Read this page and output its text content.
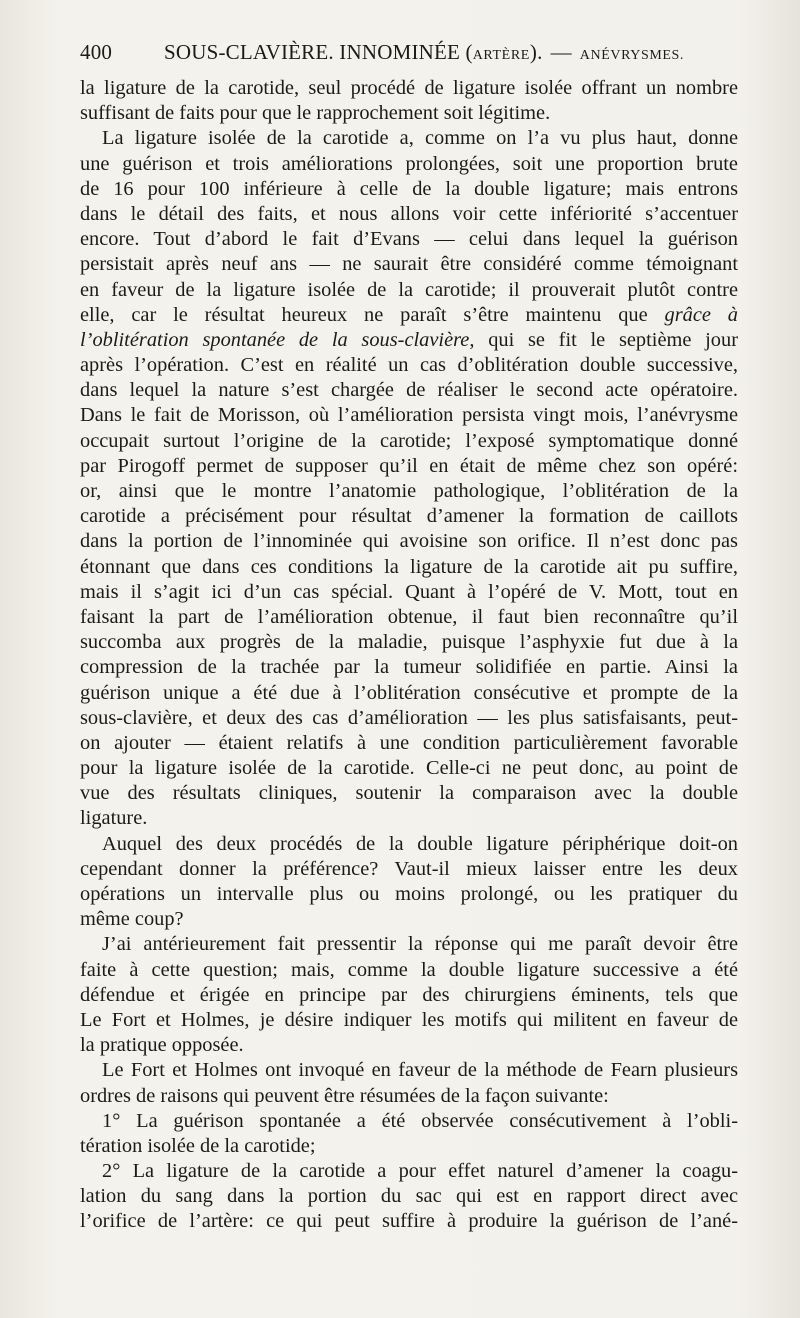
400 SOUS-CLAVIÈRE. INNOMINÉE (ARTÈRE). — ANÉVRYSMES.
la ligature de la carotide, seul procédé de ligature isolée offrant un nombre
suffisant de faits pour que le rapprochement soit légitime.
La ligature isolée de la carotide a, comme on l’a vu plus haut, donne
une guérison et trois améliorations prolongées, soit une proportion brute
de 16 pour 100 inférieure à celle de la double ligature; mais entrons
dans le détail des faits, et nous allons voir cette infériorité s’accentuer
encore. Tout d’abord le fait d’Evans — celui dans lequel la guérison
persistait après neuf ans — ne saurait être considéré comme témoignant
en faveur de la ligature isolée de la carotide; il prouverait plutôt contre
elle, car le résultat heureux ne paraît s’être maintenu que grâce à
l’oblitération spontanée de la sous-clavière, qui se fit le septième jour
après l’opération. C’est en réalité un cas d’oblitération double successive,
dans lequel la nature s’est chargée de réaliser le second acte opératoire.
Dans le fait de Morisson, où l’amélioration persista vingt mois, l’anévrysme
occupait surtout l’origine de la carotide; l’exposé symptomatique donné
par Pirogoff permet de supposer qu’il en était de même chez son opéré:
or, ainsi que le montre l’anatomie pathologique, l’oblitération de la
carotide a précisément pour résultat d’amener la formation de caillots
dans la portion de l’innominée qui avoisine son orifice. Il n’est donc pas
étonnant que dans ces conditions la ligature de la carotide ait pu suffire,
mais il s’agit ici d’un cas spécial. Quant à l’opéré de V. Mott, tout en
faisant la part de l’amélioration obtenue, il faut bien reconnaître qu’il
succomba aux progrès de la maladie, puisque l’asphyxie fut due à la
compression de la trachée par la tumeur solidifiée en partie. Ainsi la
guérison unique a été due à l’oblitération consécutive et prompte de la
sous-clavière, et deux des cas d’amélioration — les plus satisfaisants, peut-
on ajouter — étaient relatifs à une condition particulièrement favorable
pour la ligature isolée de la carotide. Celle-ci ne peut donc, au point de
vue des résultats cliniques, soutenir la comparaison avec la double
ligature.
Auquel des deux procédés de la double ligature périphérique doit-on
cependant donner la préférence? Vaut-il mieux laisser entre les deux
opérations un intervalle plus ou moins prolongé, ou les pratiquer du
même coup?
J’ai antérieurement fait pressentir la réponse qui me paraît devoir être
faite à cette question; mais, comme la double ligature successive a été
défendue et érigée en principe par des chirurgiens éminents, tels que
Le Fort et Holmes, je désire indiquer les motifs qui militent en faveur de
la pratique opposée.
Le Fort et Holmes ont invoqué en faveur de la méthode de Fearn plusieurs
ordres de raisons qui peuvent être résumées de la façon suivante:
1° La guérison spontanée a été observée consécutivement à l’obli-
tération isolée de la carotide;
2° La ligature de la carotide a pour effet naturel d’amener la coagu-
lation du sang dans la portion du sac qui est en rapport direct avec
l’orifice de l’artère: ce qui peut suffire à produire la guérison de l’ané-
